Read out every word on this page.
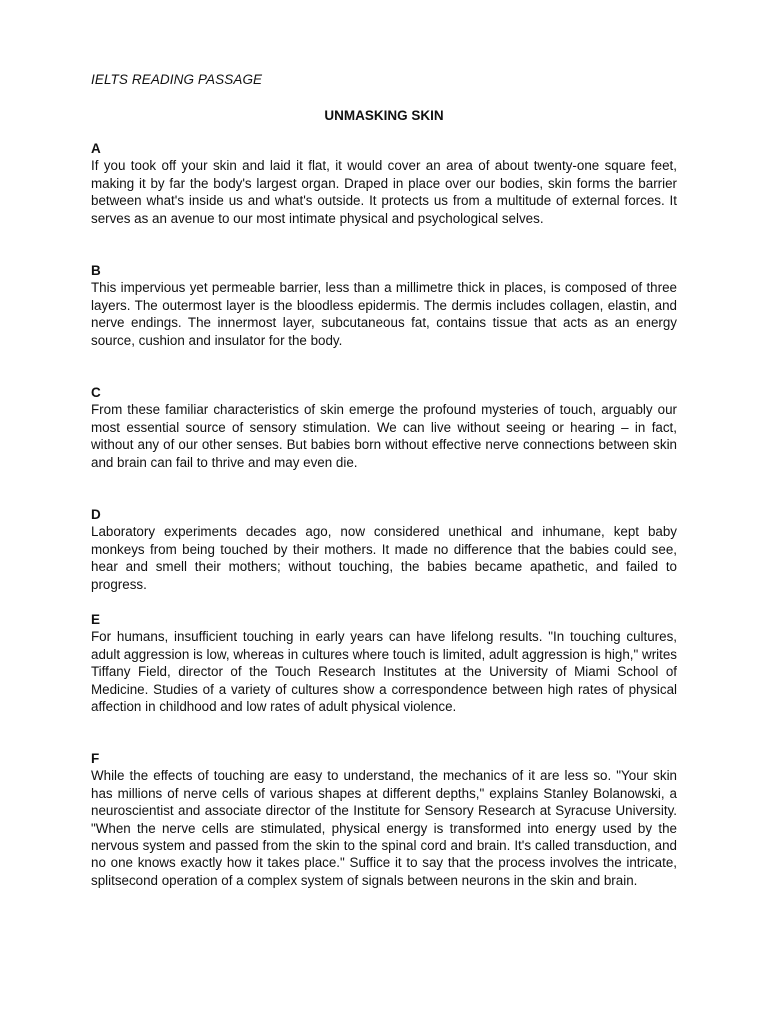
IELTS READING PASSAGE
UNMASKING SKIN
A

If you took off your skin and laid it flat, it would cover an area of about twenty-one square feet, making it by far the body's largest organ. Draped in place over our bodies, skin forms the barrier between what's inside us and what's outside. It protects us from a multitude of external forces. It serves as an avenue to our most intimate physical and psychological selves.

B

This impervious yet permeable barrier, less than a millimetre thick in places, is composed of three layers. The outermost layer is the bloodless epidermis. The dermis includes collagen, elastin, and nerve endings. The innermost layer, subcutaneous fat, contains tissue that acts as an energy source, cushion and insulator for the body.

C

From these familiar characteristics of skin emerge the profound mysteries of touch, arguably our most essential source of sensory stimulation. We can live without seeing or hearing – in fact, without any of our other senses. But babies born without effective nerve connections between skin and brain can fail to thrive and may even die.

D

Laboratory experiments decades ago, now considered unethical and inhumane, kept baby monkeys from being touched by their mothers. It made no difference that the babies could see, hear and smell their mothers; without touching, the babies became apathetic, and failed to progress.

E

For humans, insufficient touching in early years can have lifelong results. "In touching cultures, adult aggression is low, whereas in cultures where touch is limited, adult aggression is high," writes Tiffany Field, director of the Touch Research Institutes at the University of Miami School of Medicine. Studies of a variety of cultures show a correspondence between high rates of physical affection in childhood and low rates of adult physical violence.

F

While the effects of touching are easy to understand, the mechanics of it are less so. "Your skin has millions of nerve cells of various shapes at different depths," explains Stanley Bolanowski, a neuroscientist and associate director of the Institute for Sensory Research at Syracuse University. "When the nerve cells are stimulated, physical energy is transformed into energy used by the nervous system and passed from the skin to the spinal cord and brain. It's called transduction, and no one knows exactly how it takes place." Suffice it to say that the process involves the intricate, splitsecond operation of a complex system of signals between neurons in the skin and brain.
